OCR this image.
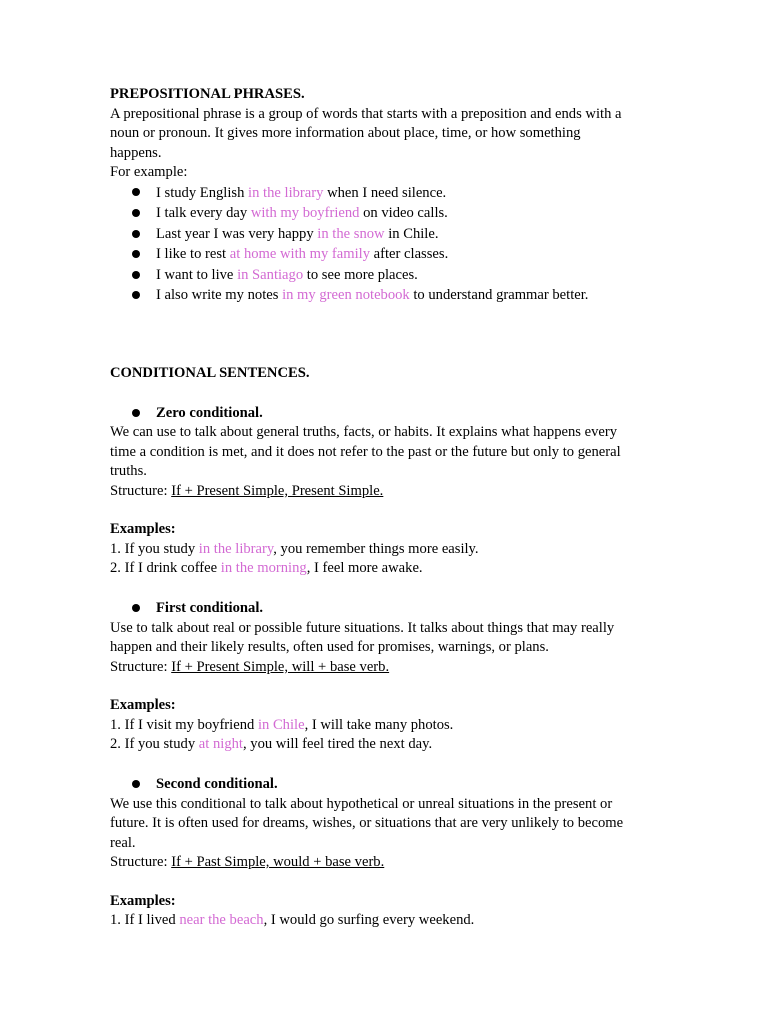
PREPOSITIONAL PHRASES.
A prepositional phrase is a group of words that starts with a preposition and ends with a
noun or pronoun. It gives more information about place, time, or how something
happens.
For example:
I study English in the library when I need silence.
I talk every day with my boyfriend on video calls.
Last year I was very happy in the snow in Chile.
I like to rest at home with my family after classes.
I want to live in Santiago to see more places.
I also write my notes in my green notebook to understand grammar better.
CONDITIONAL SENTENCES.
Zero conditional.
We can use to talk about general truths, facts, or habits. It explains what happens every
time a condition is met, and it does not refer to the past or the future but only to general
truths.
Structure: If + Present Simple, Present Simple.
Examples:
1. If you study in the library, you remember things more easily.
2. If I drink coffee in the morning, I feel more awake.
First conditional.
Use to talk about real or possible future situations. It talks about things that may really
happen and their likely results, often used for promises, warnings, or plans.
Structure: If + Present Simple, will + base verb.
Examples:
1. If I visit my boyfriend in Chile, I will take many photos.
2. If you study at night, you will feel tired the next day.
Second conditional.
We use this conditional to talk about hypothetical or unreal situations in the present or
future. It is often used for dreams, wishes, or situations that are very unlikely to become
real.
Structure: If + Past Simple, would + base verb.
Examples:
1. If I lived near the beach, I would go surfing every weekend.
